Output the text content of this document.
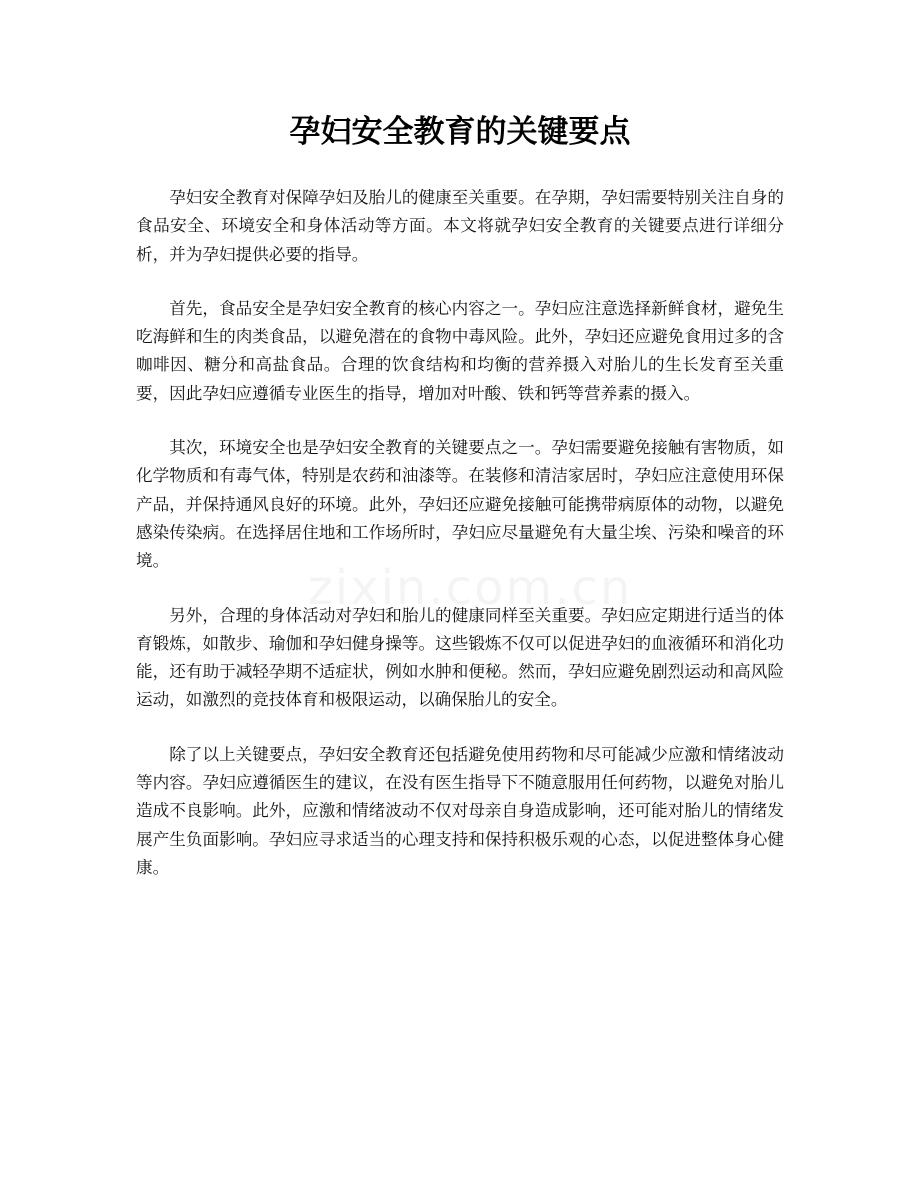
孕妇安全教育的关键要点

孕妇安全教育对保障孕妇及胎儿的健康至关重要。在孕期，孕妇需要特别关注自身的食品安全、环境安全和身体活动等方面。本文将就孕妇安全教育的关键要点进行详细分析，并为孕妇提供必要的指导。

首先，食品安全是孕妇安全教育的核心内容之一。孕妇应注意选择新鲜食材，避免生吃海鲜和生的肉类食品，以避免潜在的食物中毒风险。此外，孕妇还应避免食用过多的含咖啡因、糖分和高盐食品。合理的饮食结构和均衡的营养摄入对胎儿的生长发育至关重要，因此孕妇应遵循专业医生的指导，增加对叶酸、铁和钙等营养素的摄入。

其次，环境安全也是孕妇安全教育的关键要点之一。孕妇需要避免接触有害物质，如化学物质和有毒气体，特别是农药和油漆等。在装修和清洁家居时，孕妇应注意使用环保产品，并保持通风良好的环境。此外，孕妇还应避免接触可能携带病原体的动物，以避免感染传染病。在选择居住地和工作场所时，孕妇应尽量避免有大量尘埃、污染和噪音的环境。

另外，合理的身体活动对孕妇和胎儿的健康同样至关重要。孕妇应定期进行适当的体育锻炼，如散步、瑜伽和孕妇健身操等。这些锻炼不仅可以促进孕妇的血液循环和消化功能，还有助于减轻孕期不适症状，例如水肿和便秘。然而，孕妇应避免剧烈运动和高风险运动，如激烈的竞技体育和极限运动，以确保胎儿的安全。

除了以上关键要点，孕妇安全教育还包括避免使用药物和尽可能减少应激和情绪波动等内容。孕妇应遵循医生的建议，在没有医生指导下不随意服用任何药物，以避免对胎儿造成不良影响。此外，应激和情绪波动不仅对母亲自身造成影响，还可能对胎儿的情绪发展产生负面影响。孕妇应寻求适当的心理支持和保持积极乐观的心态，以促进整体身心健康。
